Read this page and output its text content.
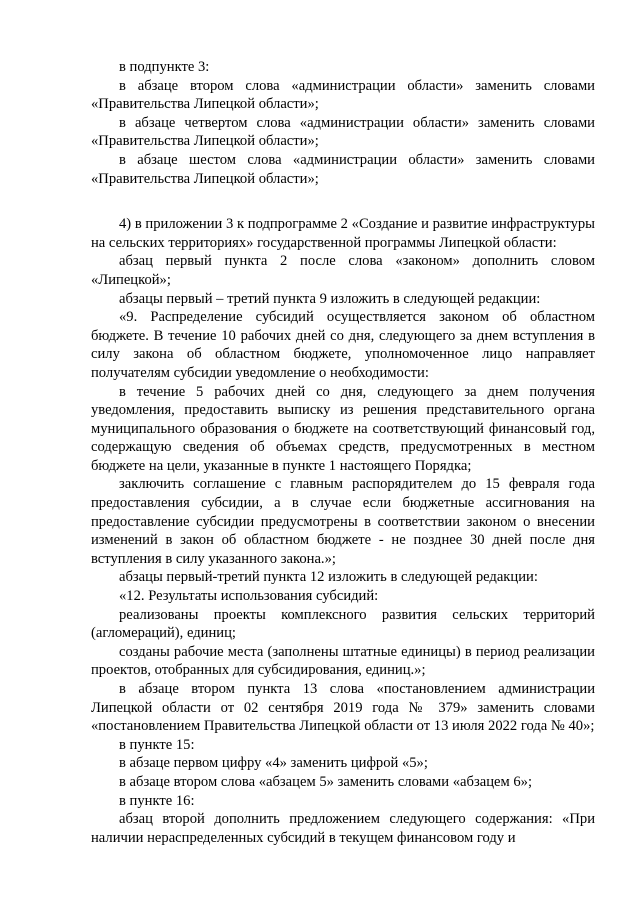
в подпункте 3:

в абзаце втором слова «администрации области» заменить словами «Правительства Липецкой области»;

в абзаце четвертом слова «администрации области» заменить словами «Правительства Липецкой области»;

в абзаце шестом слова «администрации области» заменить словами «Правительства Липецкой области»;

4) в приложении 3 к подпрограмме 2 «Создание и развитие инфраструктуры на сельских территориях» государственной программы Липецкой области:

абзац первый пункта 2 после слова «законом» дополнить словом «Липецкой»;

абзацы первый – третий пункта 9 изложить в следующей редакции:

«9. Распределение субсидий осуществляется законом об областном бюджете. В течение 10 рабочих дней со дня, следующего за днем вступления в силу закона об областном бюджете, уполномоченное лицо направляет получателям субсидии уведомление о необходимости:

в течение 5 рабочих дней со дня, следующего за днем получения уведомления, предоставить выписку из решения представительного органа муниципального образования о бюджете на соответствующий финансовый год, содержащую сведения об объемах средств, предусмотренных в местном бюджете на цели, указанные в пункте 1 настоящего Порядка;

заключить соглашение с главным распорядителем до 15 февраля года предоставления субсидии, а в случае если бюджетные ассигнования на предоставление субсидии предусмотрены в соответствии законом о внесении изменений в закон об областном бюджете - не позднее 30 дней после дня вступления в силу указанного закона.»;

абзацы первый-третий пункта 12 изложить в следующей редакции:

«12. Результаты использования субсидий:

реализованы проекты комплексного развития сельских территорий (агломераций), единиц;

созданы рабочие места (заполнены штатные единицы) в период реализации проектов, отобранных для субсидирования, единиц.»;

в абзаце втором пункта 13 слова «постановлением администрации Липецкой области от 02 сентября 2019 года № 379» заменить словами «постановлением Правительства Липецкой области от 13 июля 2022 года № 40»;

в пункте 15:

в абзаце первом цифру «4» заменить цифрой «5»;

в абзаце втором слова «абзацем 5» заменить словами «абзацем 6»;

в пункте 16:

абзац второй дополнить предложением следующего содержания: «При наличии нераспределенных субсидий в текущем финансовом году и
